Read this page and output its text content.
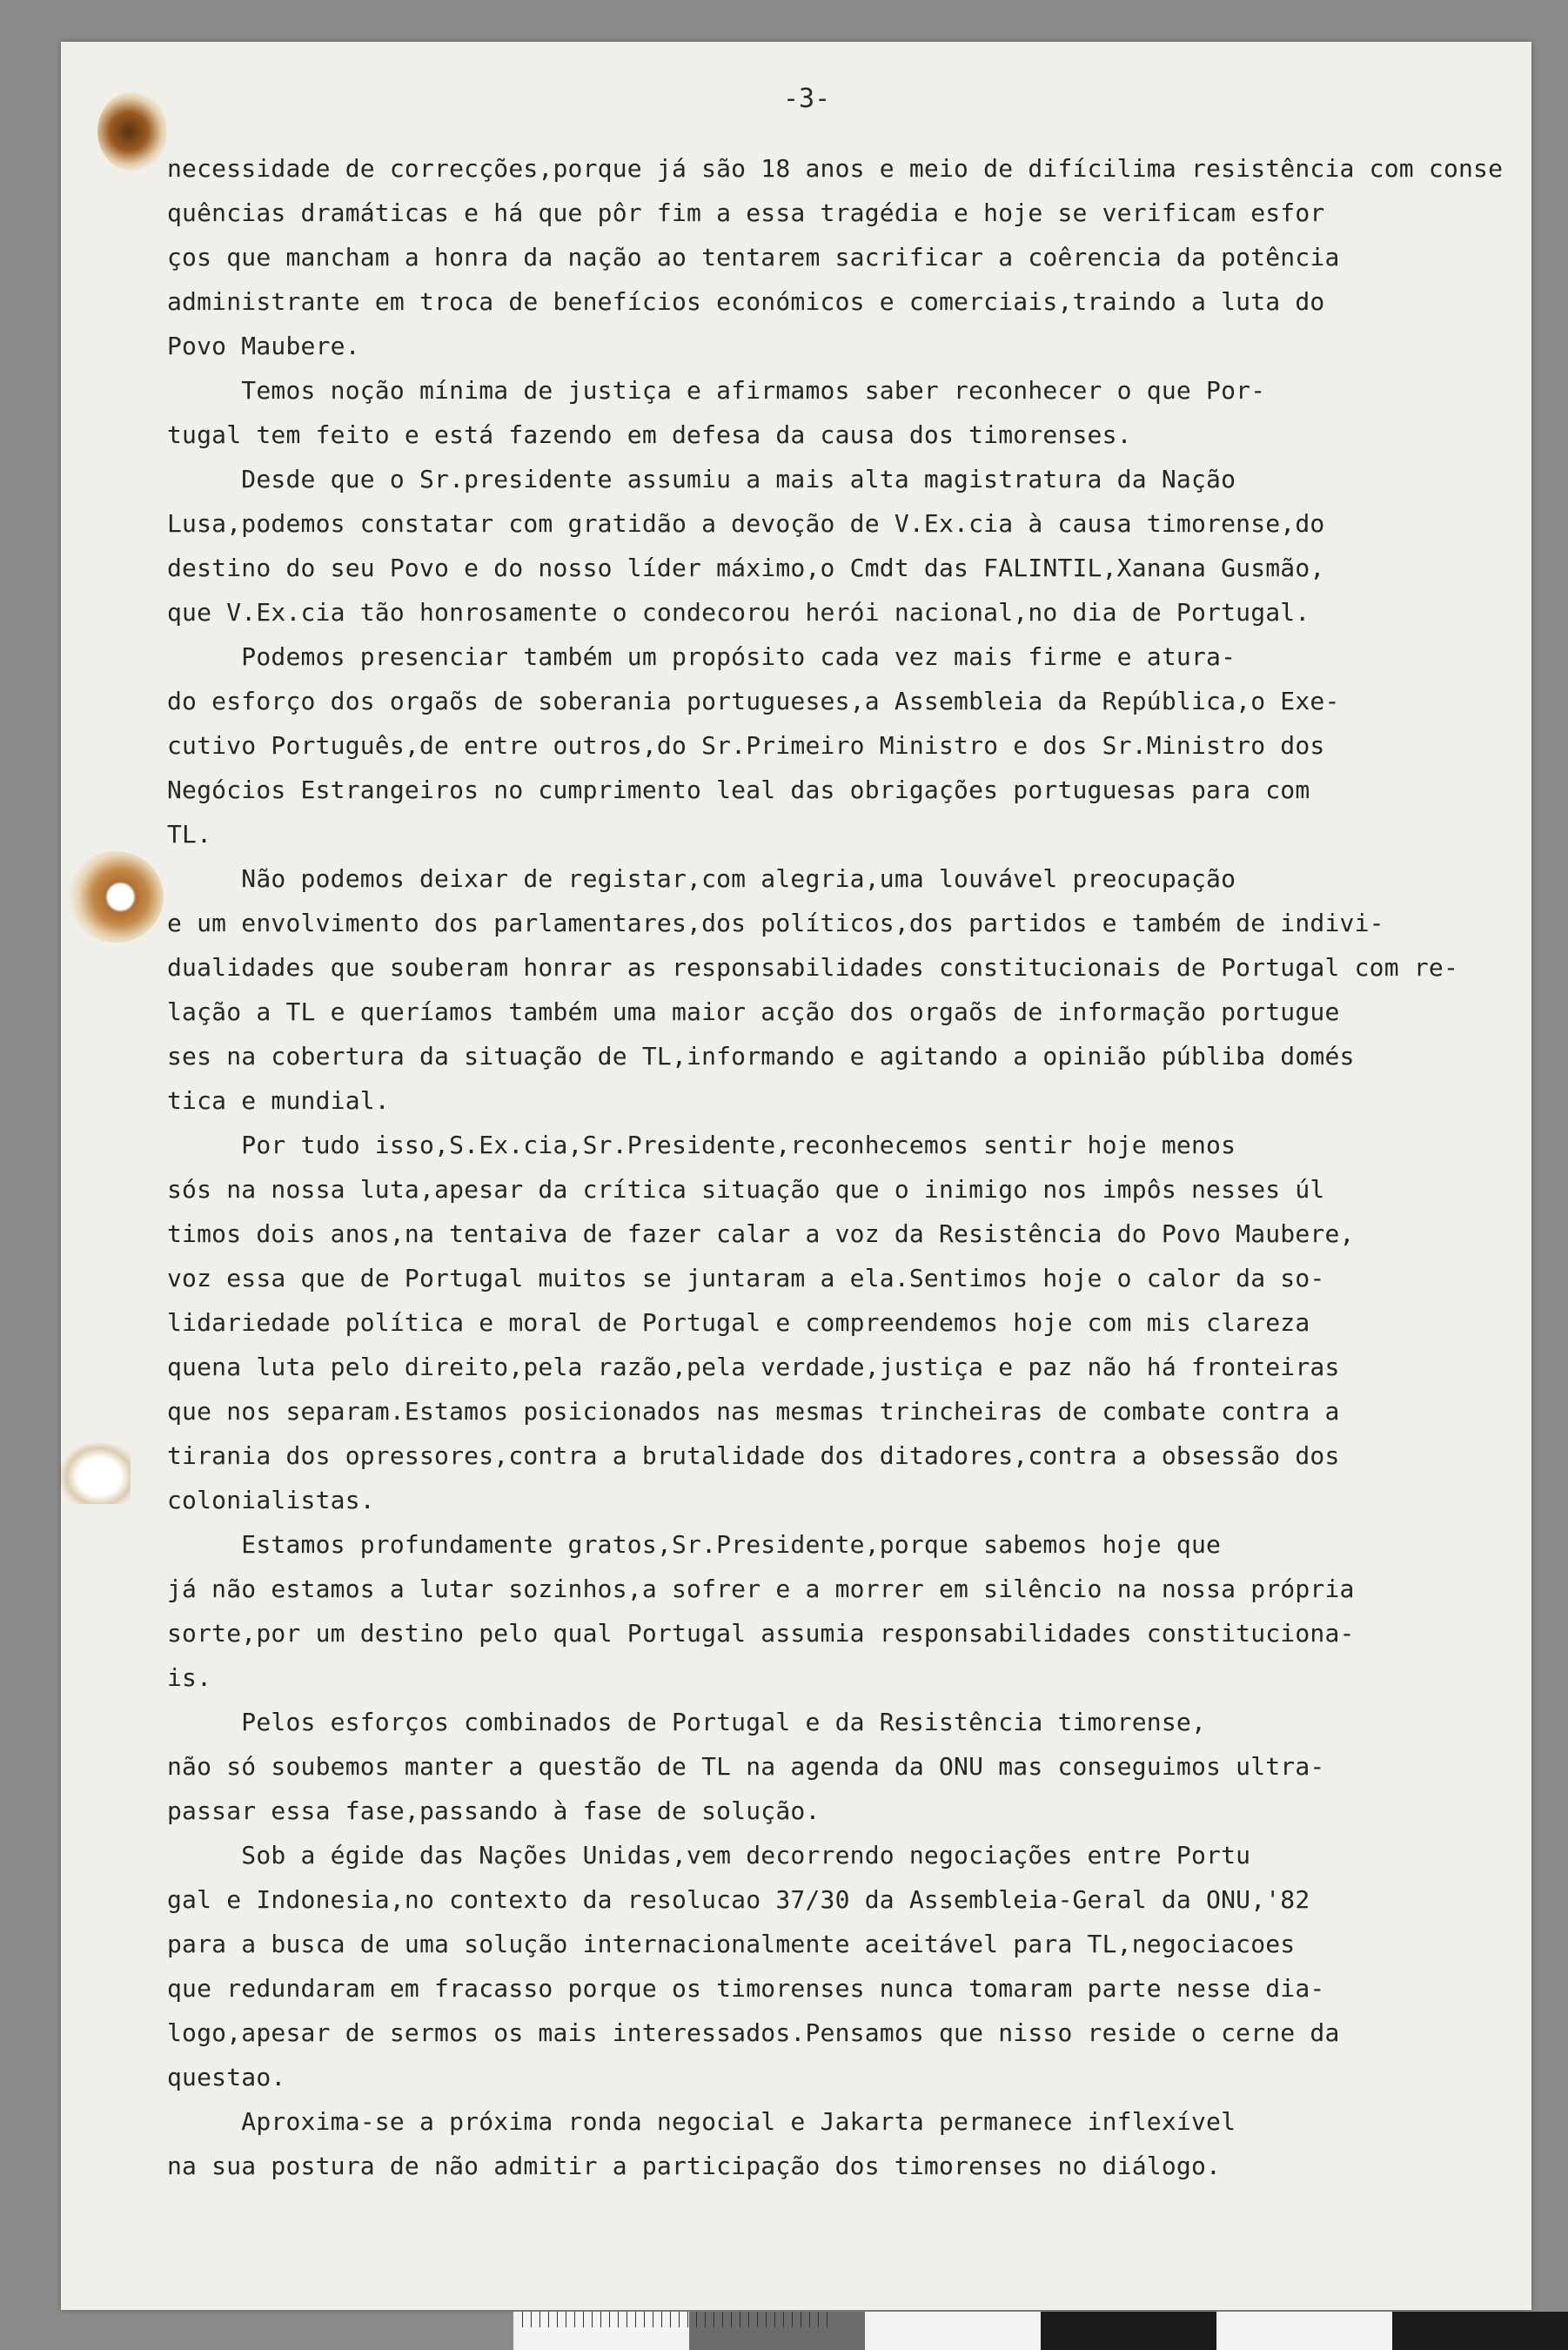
-3-
necessidade de correcções,porque já são 18 anos e meio de difícilima resistência com conse
quências dramáticas e há que pôr fim a essa tragédia e hoje se verificam esfor
ços que mancham a honra da nação ao tentarem sacrificar a coêrencia da potência
administrante em troca de benefícios económicos e comerciais,traindo a luta do
Povo Maubere.
Temos noção mínima de justiça e afirmamos saber reconhecer o que Por-
tugal tem feito e está fazendo em defesa da causa dos timorenses.
Desde que o Sr.presidente assumiu a mais alta magistratura da Nação
Lusa,podemos constatar com gratidão a devoção de V.Ex.cia à causa timorense,do
destino do seu Povo e do nosso líder máximo,o Cmdt das FALINTIL,Xanana Gusmão,
que V.Ex.cia tão honrosamente o condecorou herói nacional,no dia de Portugal.
Podemos presenciar também um propósito cada vez mais firme e atura-
do esforço dos orgaõs de soberania portugueses,a Assembleia da República,o Exe-
cutivo Português,de entre outros,do Sr.Primeiro Ministro e dos Sr.Ministro dos
Negócios Estrangeiros no cumprimento leal das obrigações portuguesas para com
TL.
Não podemos deixar de registar,com alegria,uma louvável preocupação
e um envolvimento dos parlamentares,dos políticos,dos partidos e também de indivi-
dualidades que souberam honrar as responsabilidades constitucionais de Portugal com re-
lação a TL e queríamos também uma maior acção dos orgaõs de informação portugue
ses na cobertura da situação de TL,informando e agitando a opinião públiba domés
tica e mundial.
Por tudo isso,S.Ex.cia,Sr.Presidente,reconhecemos sentir hoje menos
sós na nossa luta,apesar da crítica situação que o inimigo nos impôs nesses úl
timos dois anos,na tentaiva de fazer calar a voz da Resistência do Povo Maubere,
voz essa que de Portugal muitos se juntaram a ela.Sentimos hoje o calor da so-
lidariedade política e moral de Portugal e compreendemos hoje com mis clareza
quena luta pelo direito,pela razão,pela verdade,justiça e paz não há fronteiras
que nos separam.Estamos posicionados nas mesmas trincheiras de combate contra a
tirania dos opressores,contra a brutalidade dos ditadores,contra a obsessão dos
colonialistas.
Estamos profundamente gratos,Sr.Presidente,porque sabemos hoje que
já não estamos a lutar sozinhos,a sofrer e a morrer em silêncio na nossa própria
sorte,por um destino pelo qual Portugal assumia responsabilidades constituciona-
is.
Pelos esforços combinados de Portugal e da Resistência timorense,
não só soubemos manter a questão de TL na agenda da ONU mas conseguimos ultra-
passar essa fase,passando à fase de solução.
Sob a égide das Nações Unidas,vem decorrendo negociações entre Portu
gal e Indonesia,no contexto da resolucao 37/30 da Assembleia-Geral da ONU,'82
para a busca de uma solução internacionalmente aceitável para TL,negociacoes
que redundaram em fracasso porque os timorenses nunca tomaram parte nesse dia-
logo,apesar de sermos os mais interessados.Pensamos que nisso reside o cerne da
questao.
Aproxima-se a próxima ronda negocial e Jakarta permanece inflexível
na sua postura de não admitir a participação dos timorenses no diálogo.
